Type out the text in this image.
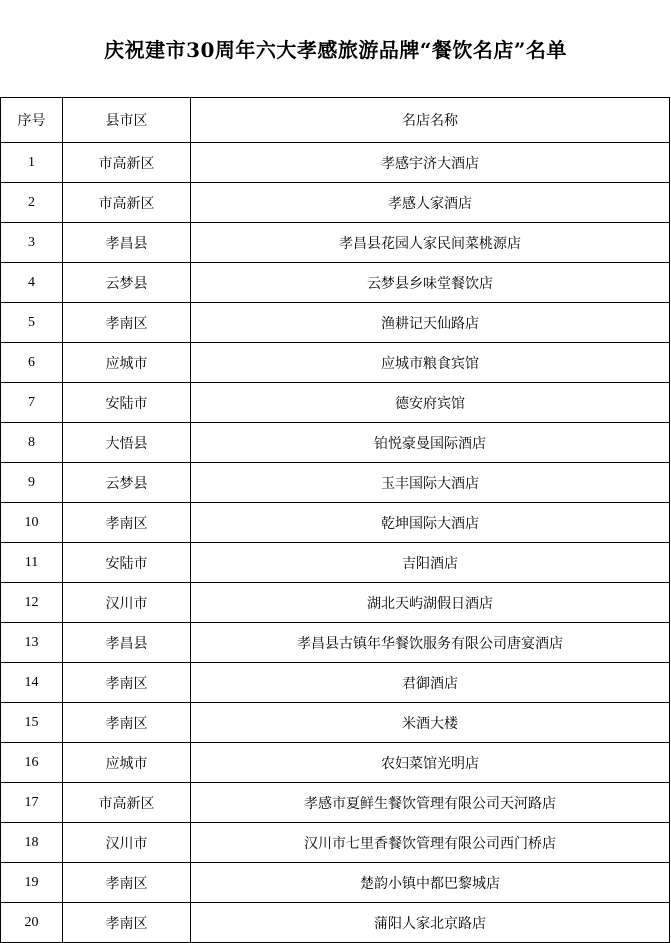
庆祝建市30周年六大孝感旅游品牌“餐饮名店”名单
序号	县市区	名店名称
1	市高新区	孝感宇济大酒店
2	市高新区	孝感人家酒店
3	孝昌县	孝昌县花园人家民间菜桃源店
4	云梦县	云梦县乡味堂餐饮店
5	孝南区	渔耕记天仙路店
6	应城市	应城市粮食宾馆
7	安陆市	德安府宾馆
8	大悟县	铂悦豪曼国际酒店
9	云梦县	玉丰国际大酒店
10	孝南区	乾坤国际大酒店
11	安陆市	吉阳酒店
12	汉川市	湖北天屿湖假日酒店
13	孝昌县	孝昌县古镇年华餐饮服务有限公司唐宴酒店
14	孝南区	君御酒店
15	孝南区	米酒大楼
16	应城市	农妇菜馆光明店
17	市高新区	孝感市夏鲜生餐饮管理有限公司天河路店
18	汉川市	汉川市七里香餐饮管理有限公司西门桥店
19	孝南区	楚韵小镇中都巴黎城店
20	孝南区	蒲阳人家北京路店
